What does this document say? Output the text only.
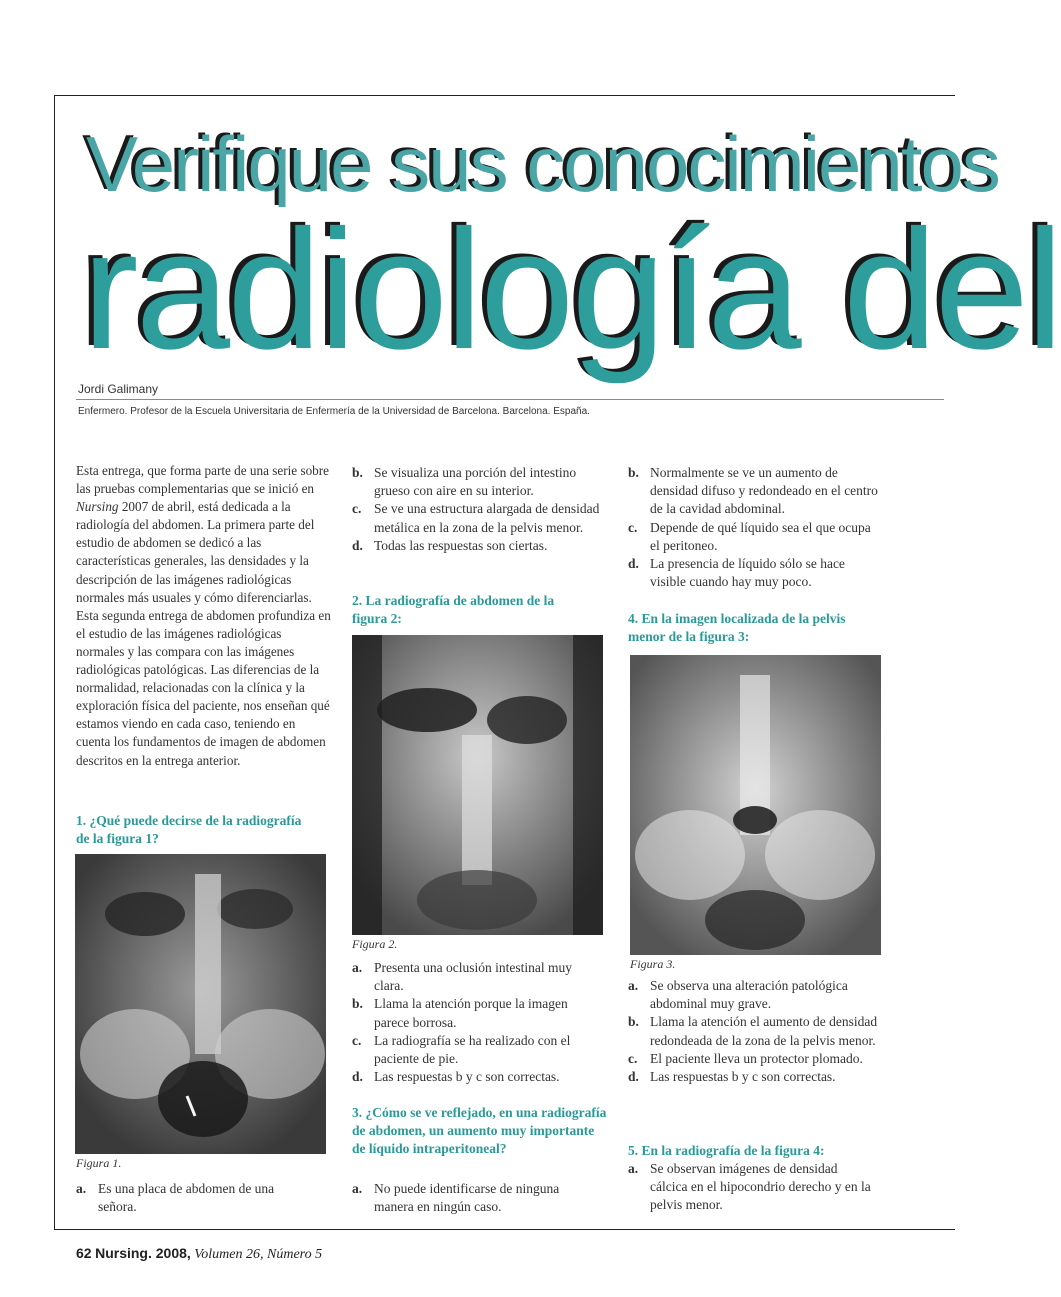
Verifique sus conocimientos
radiología del
Jordi Galimany
Enfermero. Profesor de la Escuela Universitaria de Enfermería de la Universidad de Barcelona. Barcelona. España.
Esta entrega, que forma parte de una serie sobre las pruebas complementarias que se inició en Nursing 2007 de abril, está dedicada a la radiología del abdomen. La primera parte del estudio de abdomen se dedicó a las características generales, las densidades y la descripción de las imágenes radiológicas normales más usuales y cómo diferenciarlas. Esta segunda entrega de abdomen profundiza en el estudio de las imágenes radiológicas normales y las compara con las imágenes radiológicas patológicas. Las diferencias de la normalidad, relacionadas con la clínica y la exploración física del paciente, nos enseñan qué estamos viendo en cada caso, teniendo en cuenta los fundamentos de imagen de abdomen descritos en la entrega anterior.
1. ¿Qué puede decirse de la radiografía de la figura 1?
Figura 1.
a. Es una placa de abdomen de una señora.
b. Se visualiza una porción del intestino grueso con aire en su interior.
c. Se ve una estructura alargada de densidad metálica en la zona de la pelvis menor.
d. Todas las respuestas son ciertas.
2. La radiografía de abdomen de la figura 2:
Figura 2.
a. Presenta una oclusión intestinal muy clara.
b. Llama la atención porque la imagen parece borrosa.
c. La radiografía se ha realizado con el paciente de pie.
d. Las respuestas b y c son correctas.
3. ¿Cómo se ve reflejado, en una radiografía de abdomen, un aumento muy importante de líquido intraperitoneal?
a. No puede identificarse de ninguna manera en ningún caso.
b. Normalmente se ve un aumento de densidad difuso y redondeado en el centro de la cavidad abdominal.
c. Depende de qué líquido sea el que ocupa el peritoneo.
d. La presencia de líquido sólo se hace visible cuando hay muy poco.
4. En la imagen localizada de la pelvis menor de la figura 3:
Figura 3.
a. Se observa una alteración patológica abdominal muy grave.
b. Llama la atención el aumento de densidad redondeada de la zona de la pelvis menor.
c. El paciente lleva un protector plomado.
d. Las respuestas b y c son correctas.
5. En la radiografía de la figura 4:
a. Se observan imágenes de densidad cálcica en el hipocondrio derecho y en la pelvis menor.
62 Nursing. 2008, Volumen 26, Número 5
